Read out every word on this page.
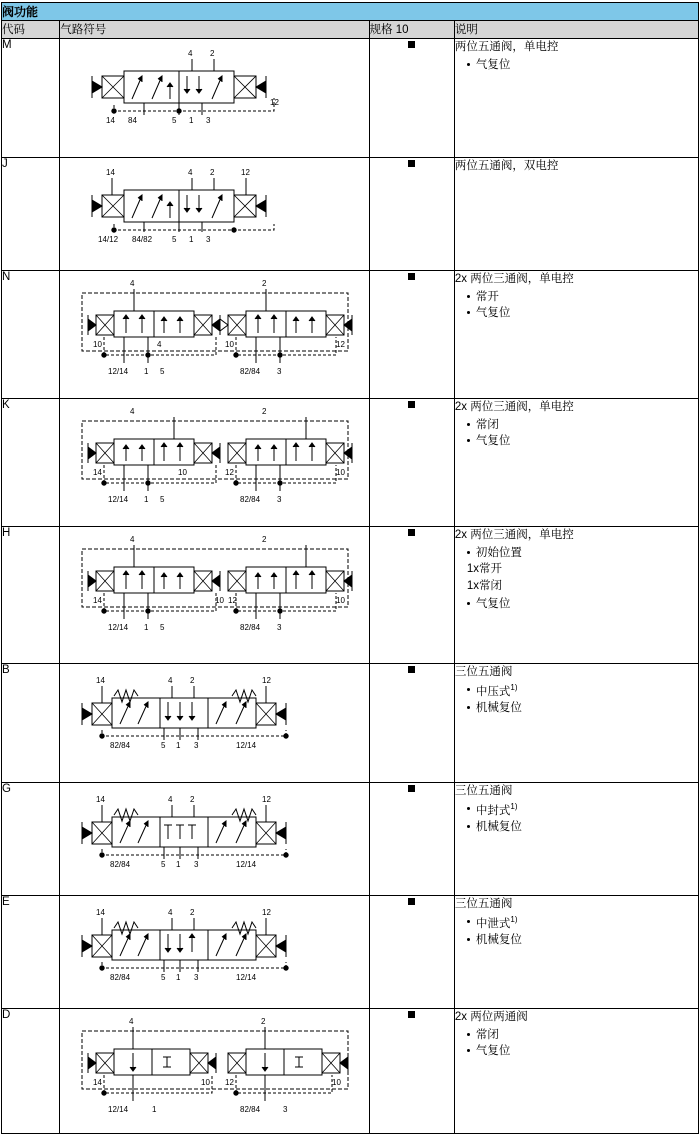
阀功能			
代码	气路符号	规格 10	说明
M	
4 2
14 84	5 1 3
12

两位五通阀，单电控
气复位

J	
14	4 2	12
14/12 84/82 5 1 3

两位五通阀，双电控

N	
4	2
10	4	10	12
12/14 1 5	82/84 3

2x 两位三通阀，单电控
常开
气复位

K	
4	2
14	10	12	10
12/14 1 5	82/84 3

2x 两位三通阀，单电控
常闭
气复位

H	
4	2
14	10 12	10
12/14 1 5	82/84 3

2x 两位三通阀，单电控
初始位置
1x常开
1x常闭
气复位

B	
14	4 2	12
82/84	5 1 3	12/14

三位五通阀
中压式$^{1)}$
机械复位

G	
14	4 2	12
82/84	5 1 3	12/14

三位五通阀
中封式$^{1)}$
机械复位

E	
14	4 2	12
82/84	5 1 3	12/14

三位五通阀
中泄式$^{1)}$
机械复位

D	
4	2
14	10 12	10
12/14	1	82/84	3

2x 两位两通阀
常闭
气复位
